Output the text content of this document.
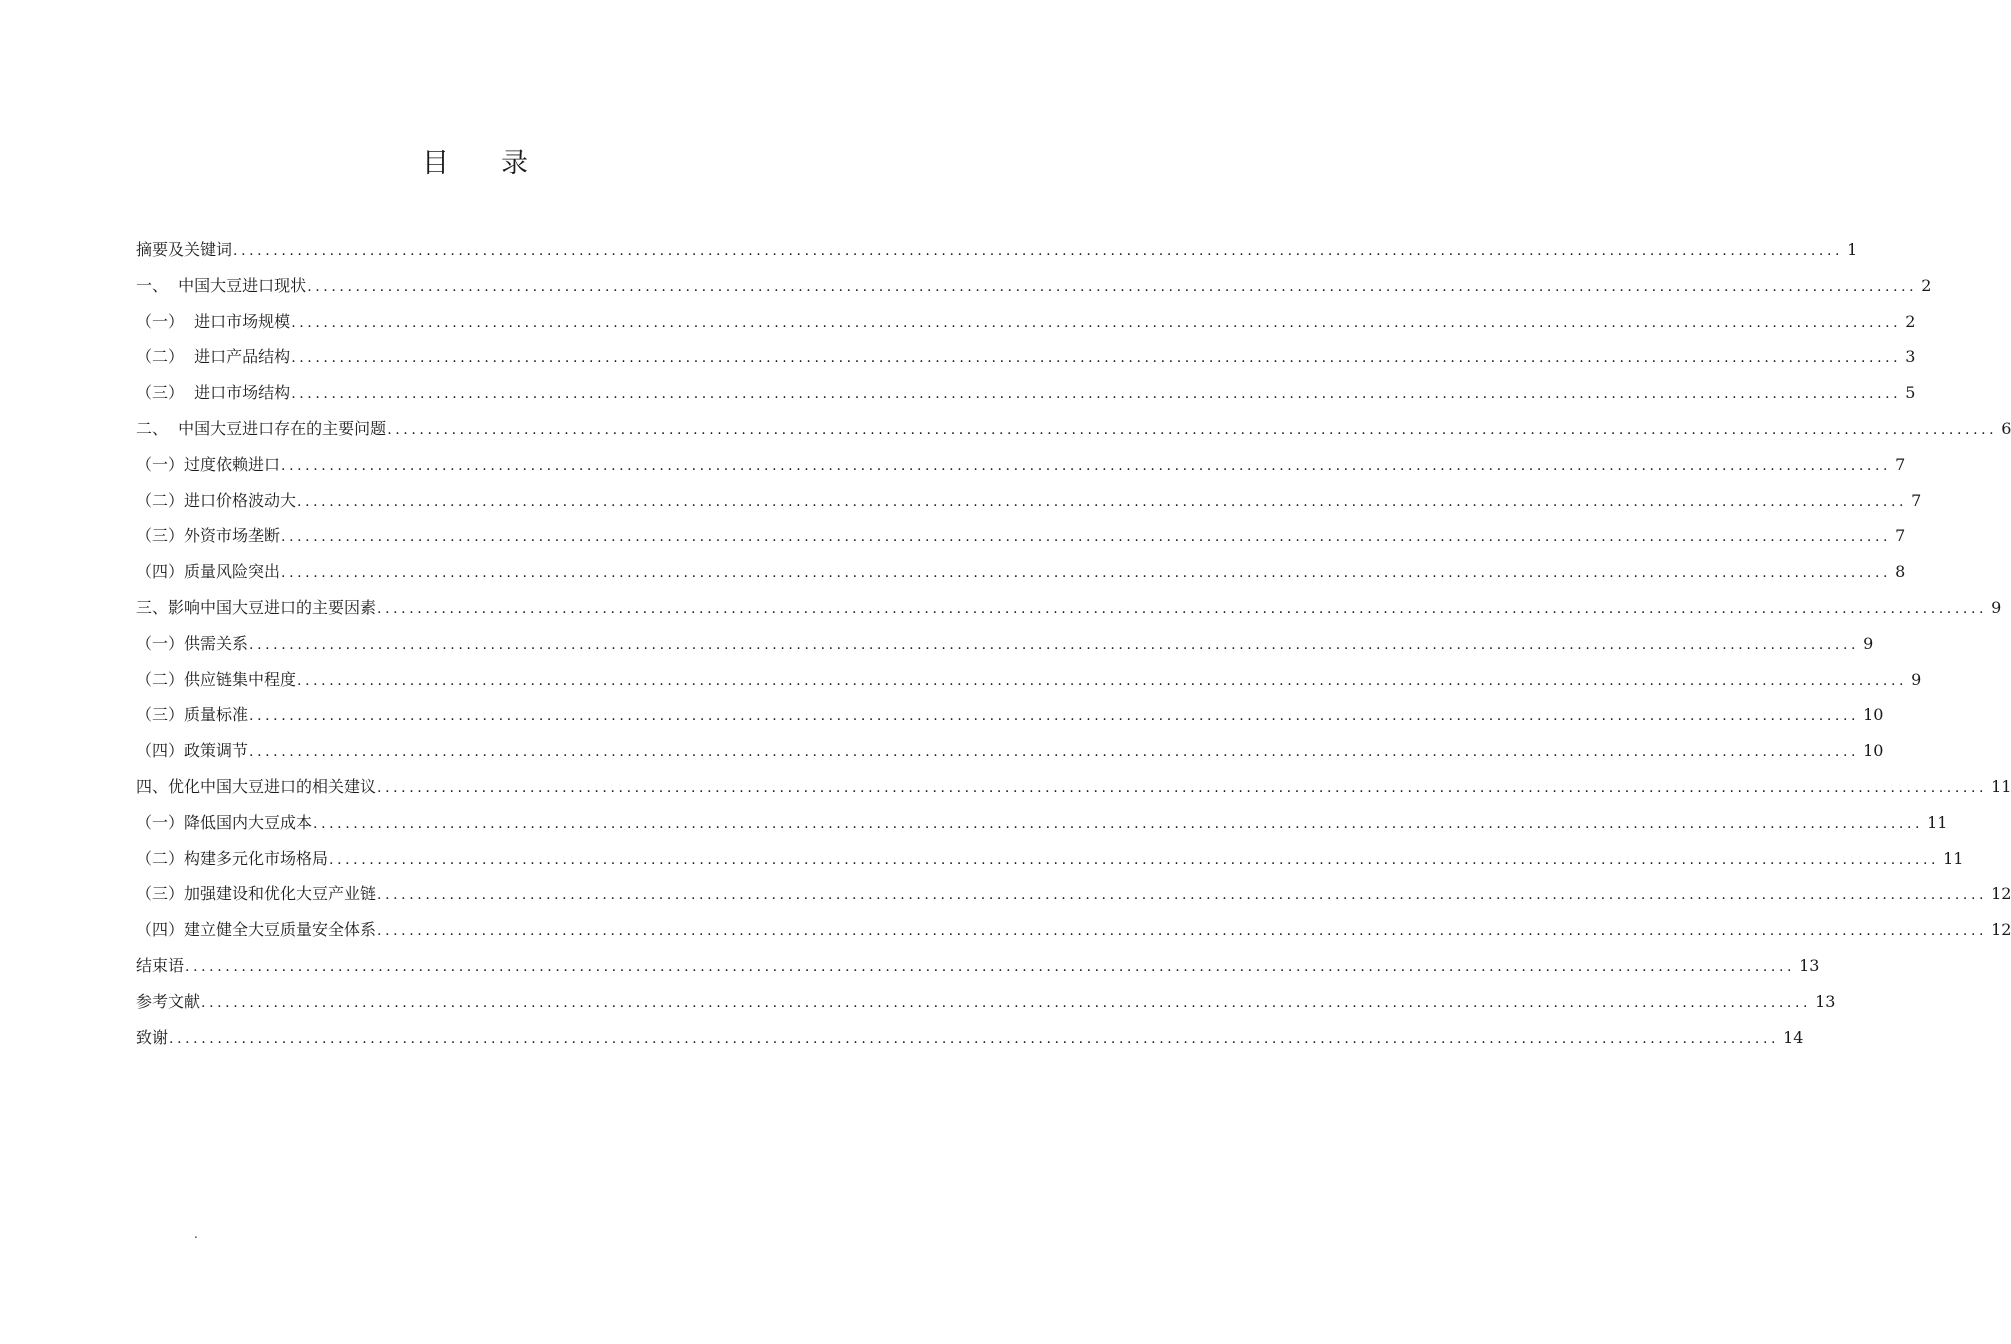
目录
摘要及关键词 ........................................................................................................................................................................................................ 1
一、  中国大豆进口现状 ........................................................................................................................................................................................................ 2
（一）  进口市场规模 ........................................................................................................................................................................................................ 2
（二）  进口产品结构 ........................................................................................................................................................................................................ 3
（三）  进口市场结构 ........................................................................................................................................................................................................ 5
二、  中国大豆进口存在的主要问题 ........................................................................................................................................................................................................ 6
（一）过度依赖进口 ........................................................................................................................................................................................................ 7
（二）进口价格波动大 ........................................................................................................................................................................................................ 7
（三）外资市场垄断 ........................................................................................................................................................................................................ 7
（四）质量风险突出 ........................................................................................................................................................................................................ 8
三、影响中国大豆进口的主要因素 ........................................................................................................................................................................................................ 9
（一）供需关系 ........................................................................................................................................................................................................ 9
（二）供应链集中程度 ........................................................................................................................................................................................................ 9
（三）质量标准 ........................................................................................................................................................................................................ 10
（四）政策调节 ........................................................................................................................................................................................................ 10
四、优化中国大豆进口的相关建议 ........................................................................................................................................................................................................ 11
（一）降低国内大豆成本 ........................................................................................................................................................................................................ 11
（二）构建多元化市场格局 ........................................................................................................................................................................................................ 11
（三）加强建设和优化大豆产业链 ........................................................................................................................................................................................................ 12
（四）建立健全大豆质量安全体系 ........................................................................................................................................................................................................ 12
结束语 ........................................................................................................................................................................................................ 13
参考文献 ........................................................................................................................................................................................................ 13
致谢 ........................................................................................................................................................................................................ 14
.
